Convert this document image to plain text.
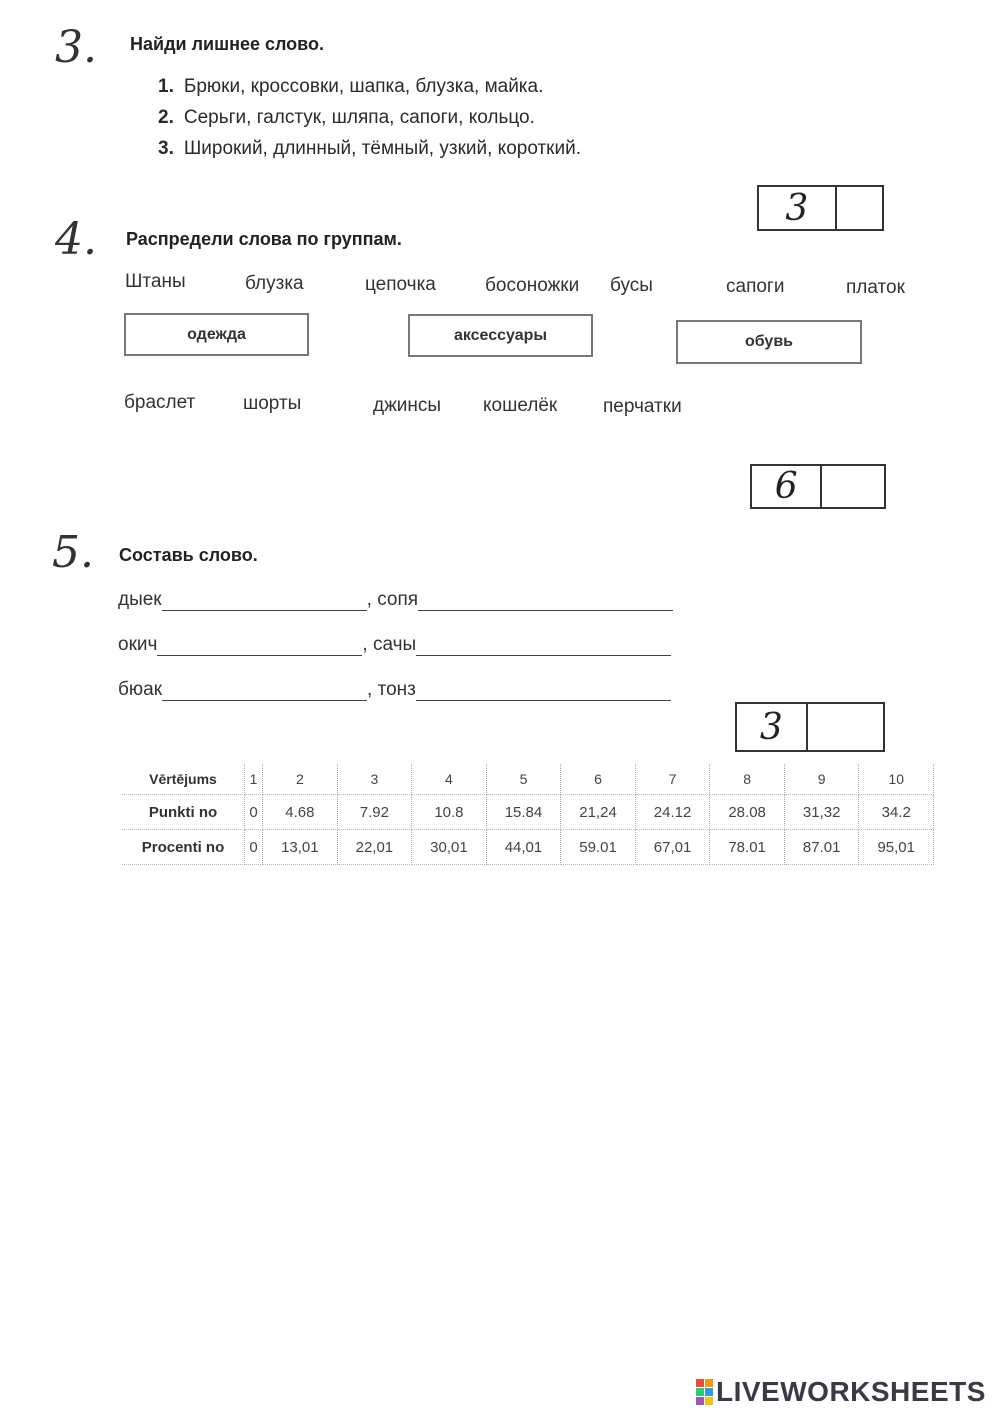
3. Найди лишнее слово.
1. Брюки, кроссовки, шапка, блузка, майка.
2. Серьги, галстук, шляпа, сапоги, кольцо.
3. Широкий, длинный, тёмный, узкий, короткий.
3
4. Распредели слова по группам.
Штаны	блузка	цепочка	босоножки бусы	сапоги	платок
одежда	аксессуары	обувь
браслет	шорты	джинсы кошелёк перчатки
6
5. Составь слово.
дыек	,
сопя
окич	,
сачы
бюак	,
тонз
3
Vērtējums	1	2	3	4	5	6	7	8	9	10
Punkti no	0	4.68	7.92	10.8	15.84	21,24	24.12	28.08	31,32	34.2
Procenti no	0	13,01	22,01	30,01	44,01	59.01	67,01	78.01	87.01	95,01
LIVEWORKSHEETS
